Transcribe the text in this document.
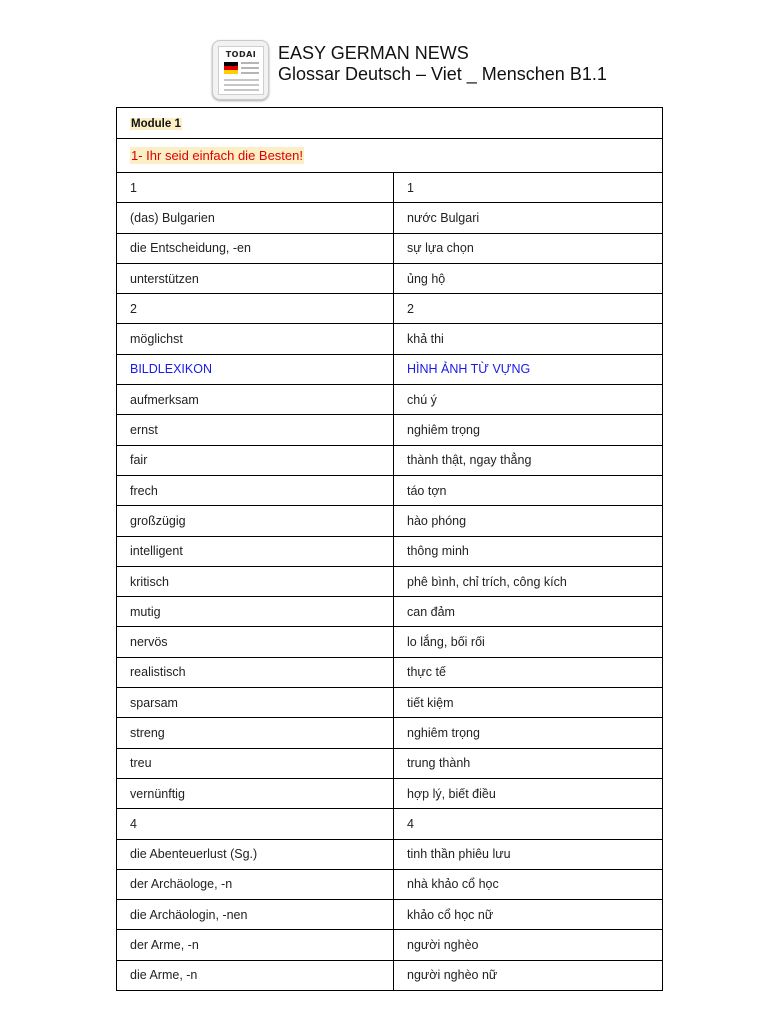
TODAI	EASY GERMAN NEWS
Glossar Deutsch – Viet _ Menschen B1.1
Module 1	
1- Ihr seid einfach die Besten!	
1	1
(das) Bulgarien	nước Bulgari
die Entscheidung, -en	sự lựa chọn
unterstützen	ủng hộ
2	2
möglichst	khả thi
BILDLEXIKON	HÌNH ẢNH TỪ VỰNG
aufmerksam	chú ý
ernst	nghiêm trọng
fair	thành thật, ngay thẳng
frech	táo tợn
großzügig	hào phóng
intelligent	thông minh
kritisch	phê bình, chỉ trích, công kích
mutig	can đảm
nervös	lo lắng, bối rối
realistisch	thực tế
sparsam	tiết kiệm
streng	nghiêm trọng
treu	trung thành
vernünftig	hợp lý, biết điều
4	4
die Abenteuerlust (Sg.)	tinh thần phiêu lưu
der Archäologe, -n	nhà khảo cổ học
die Archäologin, -nen	khảo cổ học nữ
der Arme, -n	người nghèo
die Arme, -n	người nghèo nữ
